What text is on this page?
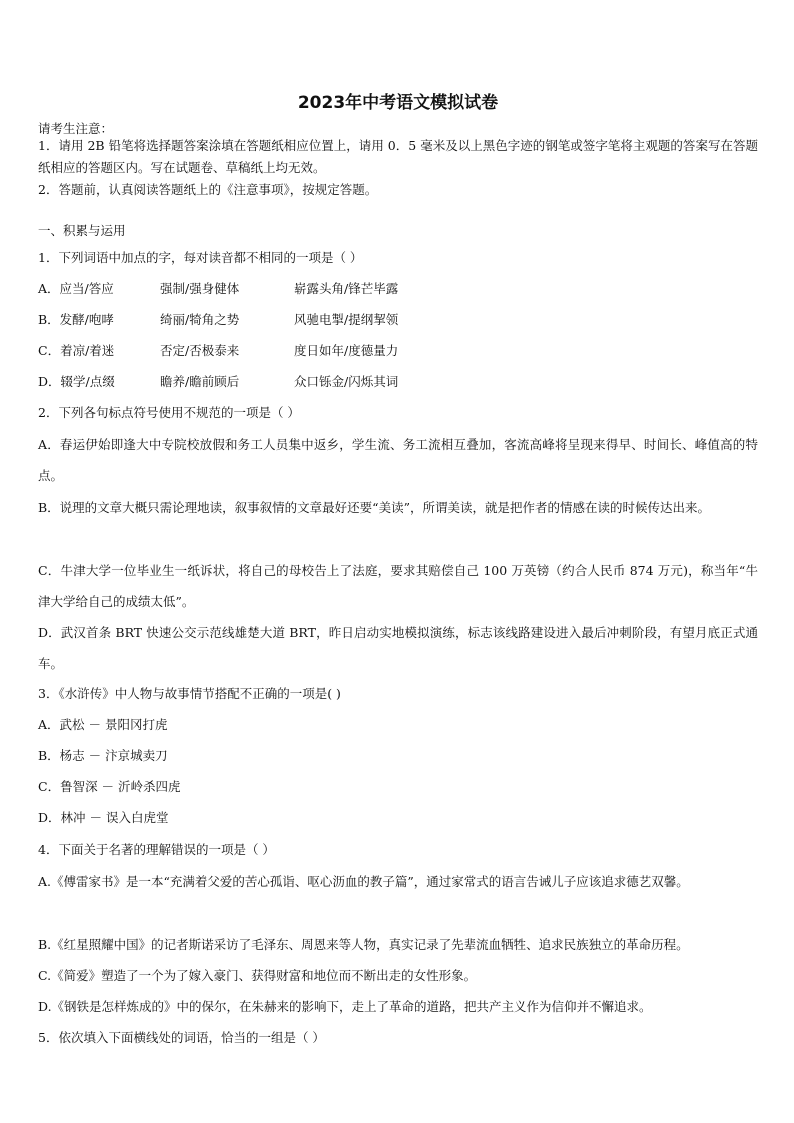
2023年中考语文模拟试卷
请考生注意：
1．请用 2B 铅笔将选择题答案涂填在答题纸相应位置上，请用 0．5 毫米及以上黑色字迹的钢笔或签字笔将主观题的答案写在答题纸相应的答题区内。写在试题卷、草稿纸上均无效。
2．答题前，认真阅读答题纸上的《注意事项》，按规定答题。
一、积累与运用
1．下列词语中加点的字，每对读音都不相同的一项是（ ）
A．应当/答应	强制/强身健体	崭露头角/锋芒毕露
B．发酵/咆哮	绮丽/犄角之势	风驰电掣/提纲挈领
C．着凉/着迷	否定/否极泰来	度日如年/度德量力
D．辍学/点缀	瞻养/瞻前顾后	众口铄金/闪烁其词
2．下列各句标点符号使用不规范的一项是（ ）
A．春运伊始即逢大中专院校放假和务工人员集中返乡，学生流、务工流相互叠加，客流高峰将呈现来得早、时间长、峰值高的特点。
B．说理的文章大概只需论理地读，叙事叙情的文章最好还要“美读”，所谓美读，就是把作者的情感在读的时候传达出来。
C．牛津大学一位毕业生一纸诉状，将自己的母校告上了法庭，要求其赔偿自己 100 万英镑（约合人民币 874 万元)，称当年“牛津大学给自己的成绩太低”。
D．武汉首条 BRT 快速公交示范线雄楚大道 BRT，昨日启动实地模拟演练，标志该线路建设进入最后冲刺阶段，有望月底正式通车。
3．《水浒传》中人物与故事情节搭配不正确的一项是( )
A．武松 － 景阳冈打虎
B．杨志 － 汴京城卖刀
C．鲁智深 － 沂岭杀四虎
D．林冲 － 误入白虎堂
4．下面关于名著的理解错误的一项是（ ）
A.《傅雷家书》是一本“充满着父爱的苦心孤诣、呕心沥血的教子篇”，通过家常式的语言告诫儿子应该追求德艺双馨。
B.《红星照耀中国》的记者斯诺采访了毛泽东、周恩来等人物，真实记录了先辈流血牺牲、追求民族独立的革命历程。
C.《简爱》塑造了一个为了嫁入豪门、获得财富和地位而不断出走的女性形象。
D.《钢铁是怎样炼成的》中的保尔，在朱赫来的影响下，走上了革命的道路，把共产主义作为信仰并不懈追求。
5．依次填入下面横线处的词语，恰当的一组是（ ）
